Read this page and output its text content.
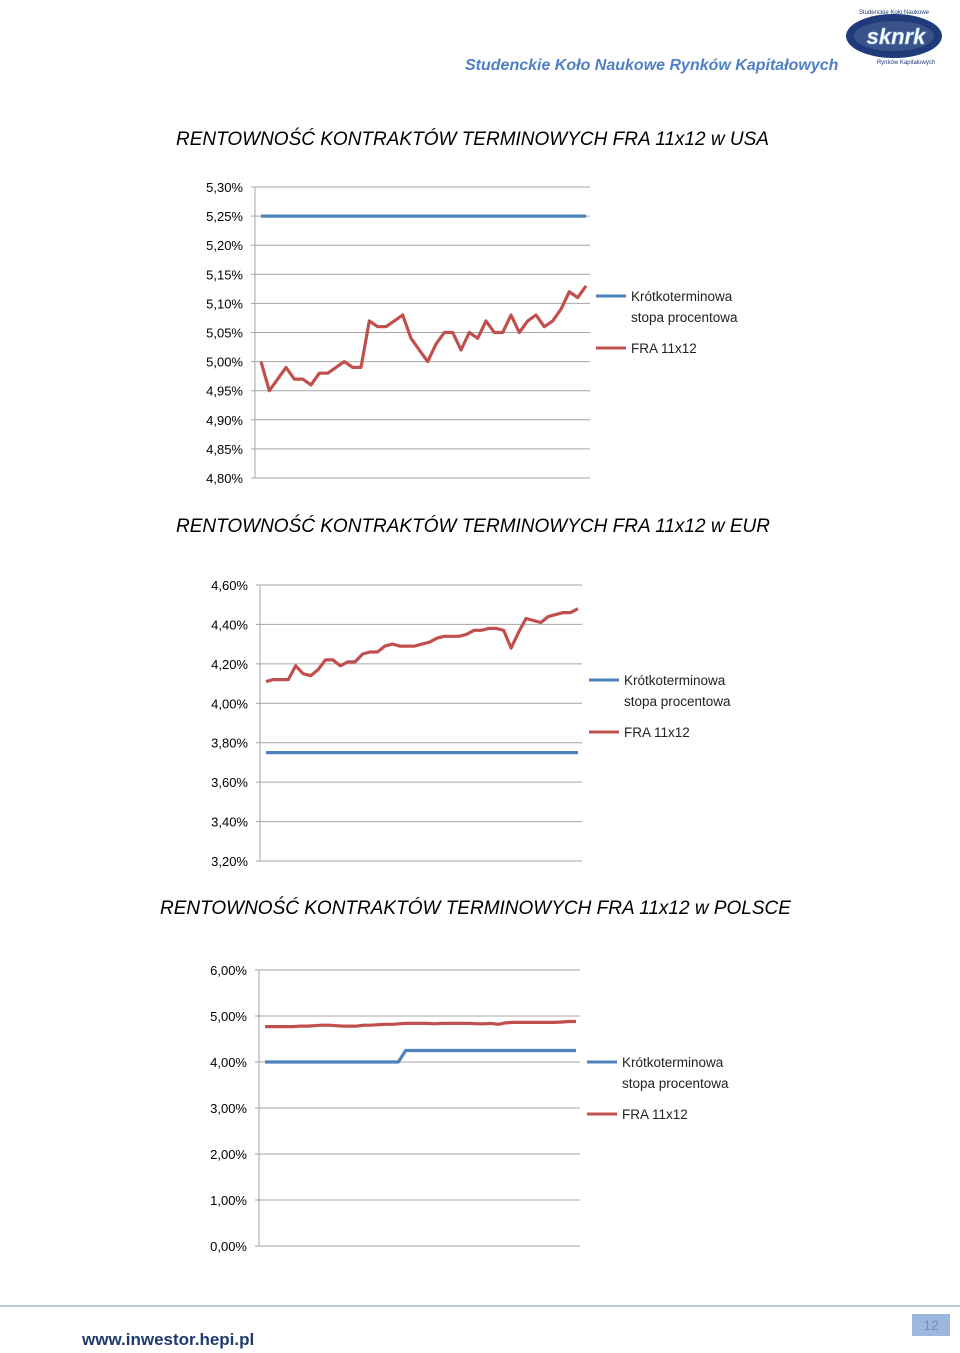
Studenckie Koło Naukowe Rynków Kapitałowych
sknrk
Studenckie Koło Naukowe
Rynków Kapitałowych
RENTOWNOŚĆ KONTRAKTÓW TERMINOWYCH FRA 11x12 w USA
RENTOWNOŚĆ KONTRAKTÓW TERMINOWYCH FRA 11x12 w EUR
RENTOWNOŚĆ KONTRAKTÓW TERMINOWYCH FRA 11x12 w POLSCE
4,80%
4,85%
4,90%
4,95%
5,00%
5,05%
5,10%
5,15%
5,20%
5,25%
5,30%
Krótkoterminowa stopa procentowa
FRA 11x12
3,20%
3,40%
3,60%
3,80%
4,00%
4,20%
4,40%
4,60%
Krótkoterminowa stopa procentowa
FRA 11x12
0,00%
1,00%
2,00%
3,00%
4,00%
5,00%
6,00%
Krótkoterminowa stopa procentowa
FRA 11x12
www.inwestor.hepi.pl
12
